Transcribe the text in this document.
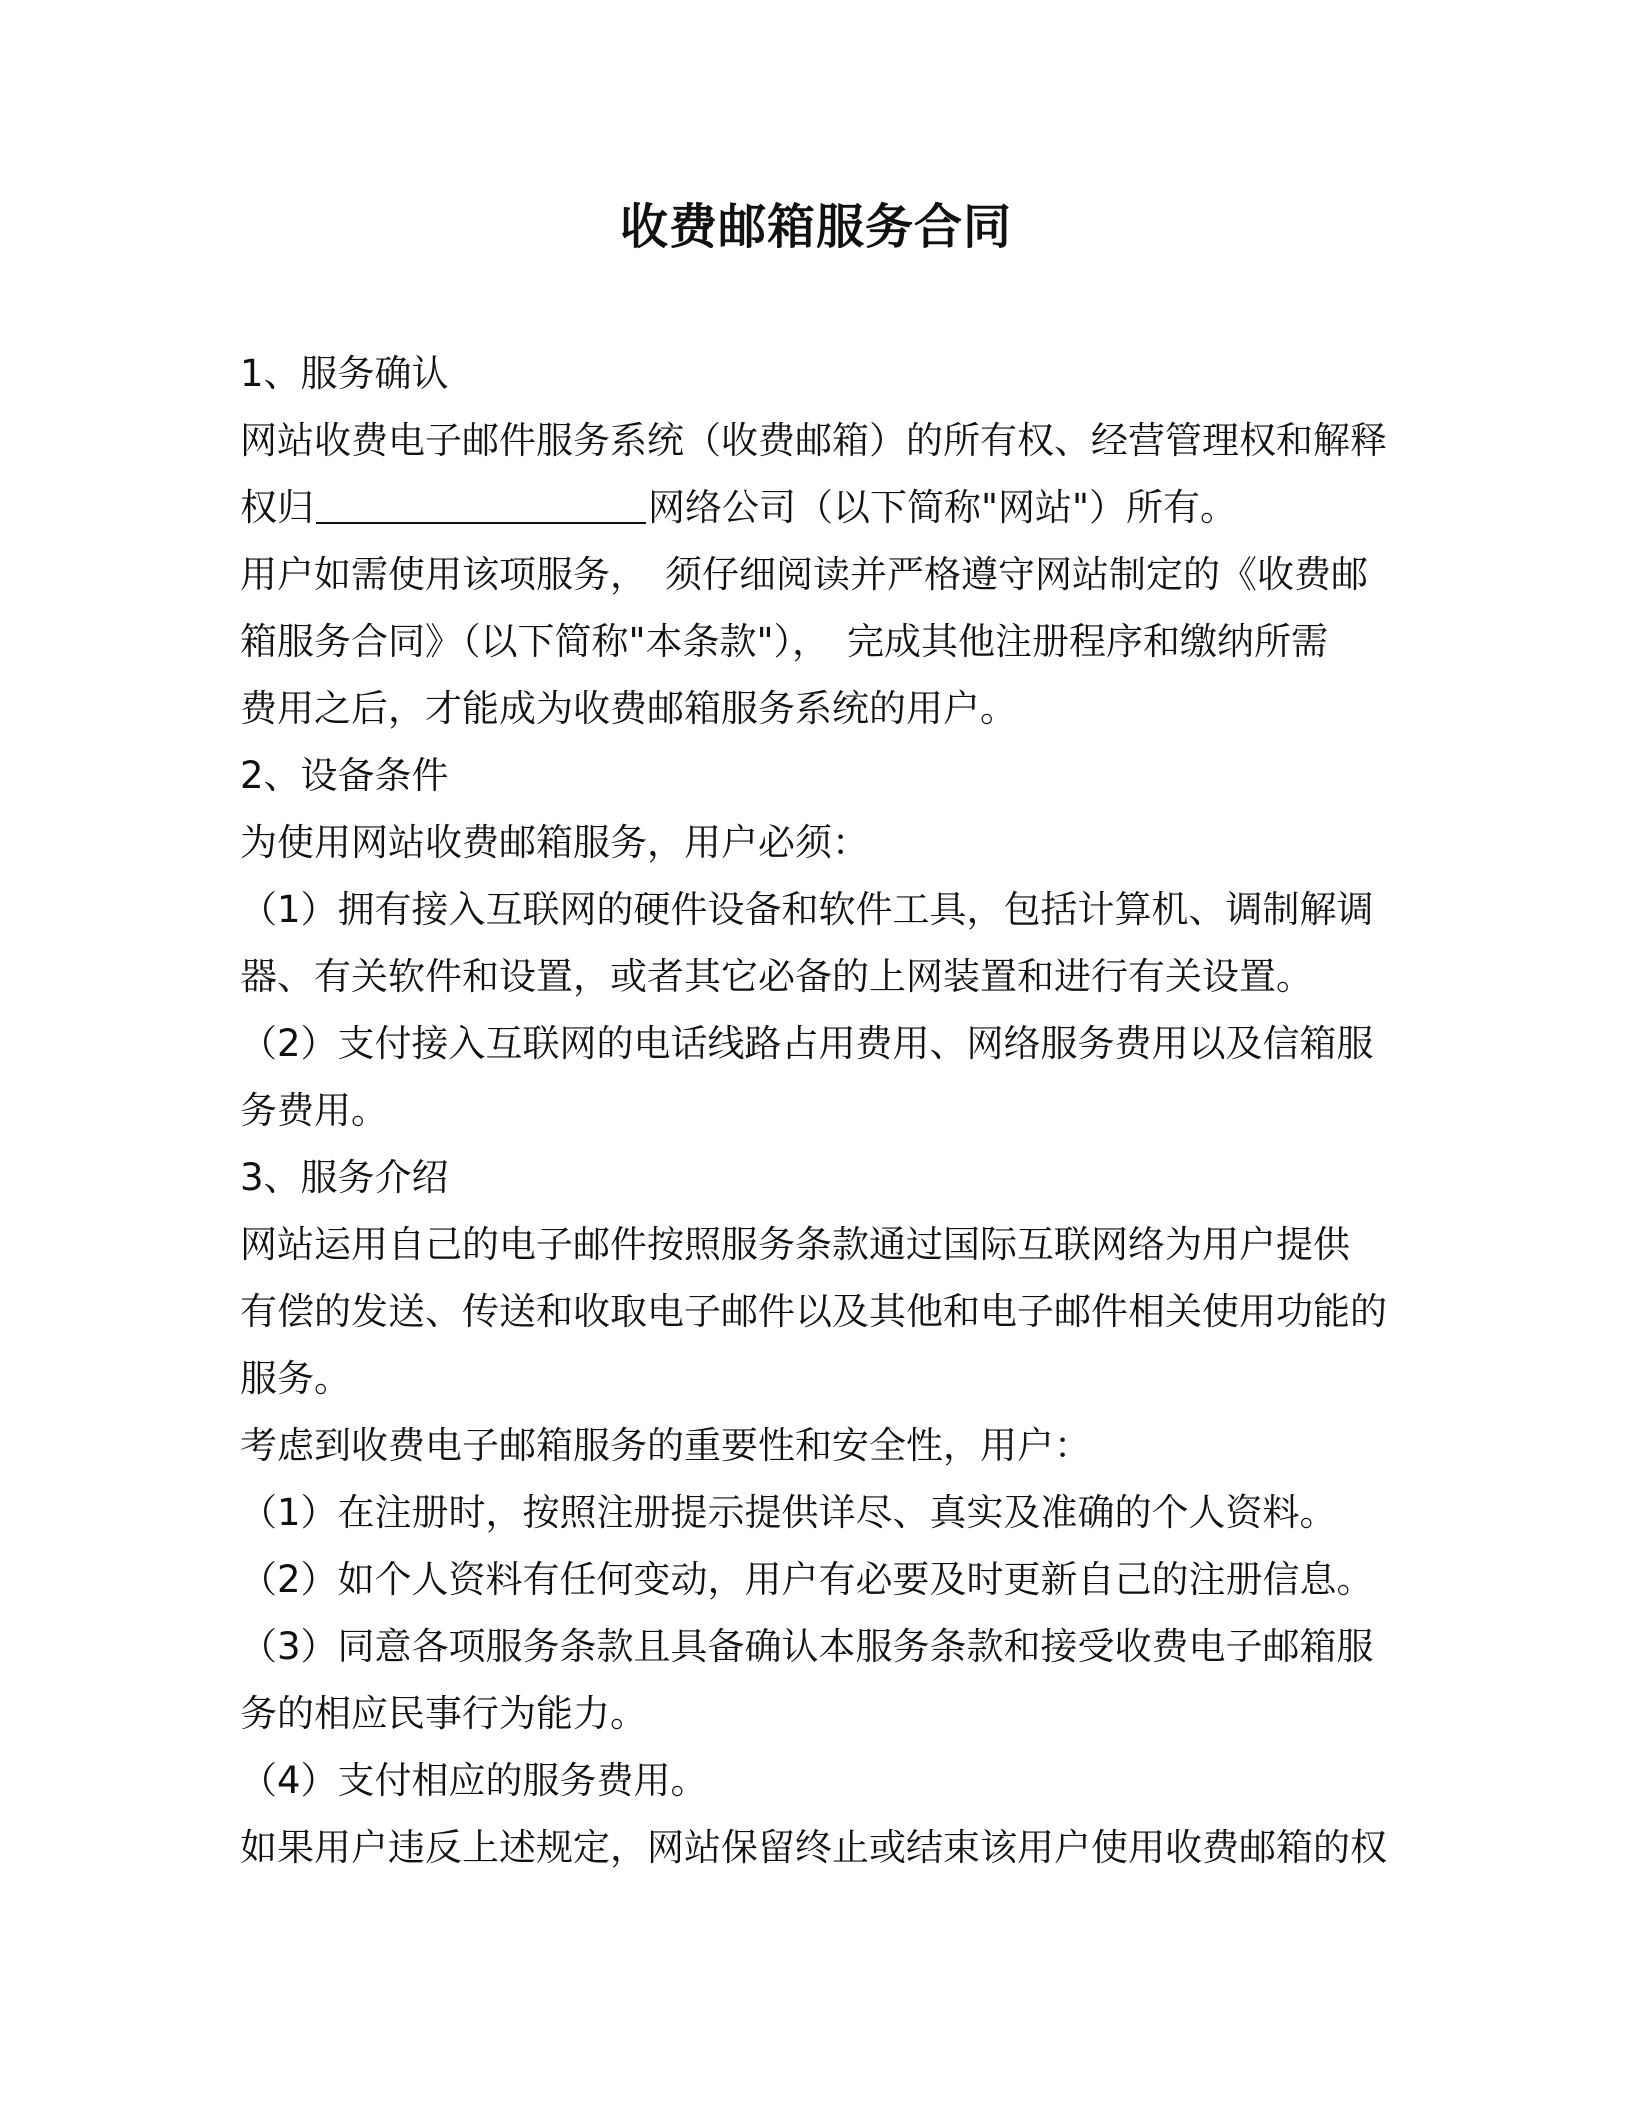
收费邮箱服务合同
1、服务确认
网站收费电子邮件服务系统（收费邮箱）的所有权、经营管理权和解释
权归	网络公司（以下简称"网站"）所有。
用户如需使用该项服务， 须仔细阅读并严格遵守网站制定的《收费邮
箱服务合同》（以下简称"本条款"）， 完成其他注册程序和缴纳所需
费用之后，才能成为收费邮箱服务系统的用户。
2、设备条件
为使用网站收费邮箱服务，用户必须：
（1）拥有接入互联网的硬件设备和软件工具，包括计算机、调制解调
器、有关软件和设置，或者其它必备的上网装置和进行有关设置。
（2）支付接入互联网的电话线路占用费用、网络服务费用以及信箱服
务费用。
3、服务介绍
网站运用自己的电子邮件按照服务条款通过国际互联网络为用户提供
有偿的发送、传送和收取电子邮件以及其他和电子邮件相关使用功能的
服务。
考虑到收费电子邮箱服务的重要性和安全性，用户：
（1）在注册时，按照注册提示提供详尽、真实及准确的个人资料。
（2）如个人资料有任何变动，用户有必要及时更新自己的注册信息。
（3）同意各项服务条款且具备确认本服务条款和接受收费电子邮箱服
务的相应民事行为能力。
（4）支付相应的服务费用。
如果用户违反上述规定，网站保留终止或结束该用户使用收费邮箱的权
